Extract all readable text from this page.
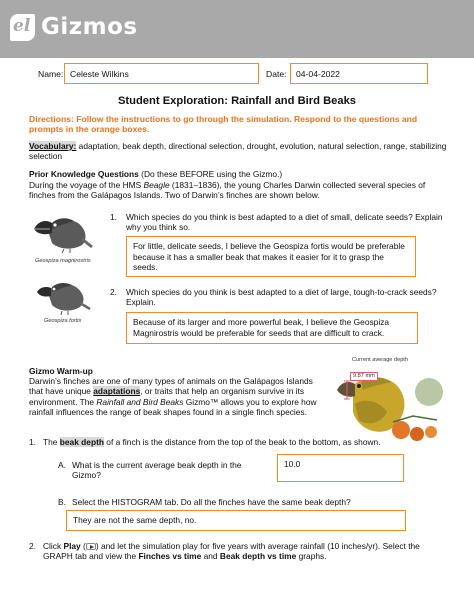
el Gizmos
Name: Celeste Wilkins	Date: 04-04-2022
Student Exploration: Rainfall and Bird Beaks
Directions: Follow the instructions to go through the simulation. Respond to the questions and prompts in the orange boxes.
Vocabulary: adaptation, beak depth, directional selection, drought, evolution, natural selection, range, stabilizing selection
Prior Knowledge Questions (Do these BEFORE using the Gizmo.)
During the voyage of the HMS Beagle (1831–1836), the young Charles Darwin collected several species of finches from the Galápagos Islands. Two of Darwin’s finches are shown below.
Geospiza magnirostris
Geospiza fortis
1. Which species do you think is best adapted to a diet of small, delicate seeds? Explain why you think so.
For little, delicate seeds, I believe the Geospiza fortis would be preferable because it has a smaller beak that makes it easier for it to grasp the seeds.
2. Which species do you think is best adapted to a diet of large, tough-to-crack seeds? Explain.
Because of its larger and more powerful beak, I believe the Geospiza Magnirostris would be preferable for seeds that are difficult to crack.
Gizmo Warm-up
Darwin’s finches are one of many types of animals on the Galápagos Islands that have unique adaptations, or traits that help an organism survive in its environment. The Rainfall and Bird Beaks Gizmo™ allows you to explore how rainfall influences the range of beak shapes found in a single finch species.
Current average depth
9.87 mm
1. The beak depth of a finch is the distance from the top of the beak to the bottom, as shown.
A. What is the current average beak depth in the Gizmo?
10.0
B. Select the HISTOGRAM tab. Do all the finches have the same beak depth?
They are not the same depth, no.
2. Click Play ( ) and let the simulation play for five years with average rainfall (10 inches/yr). Select the GRAPH tab and view the Finches vs time and Beak depth vs time graphs.
